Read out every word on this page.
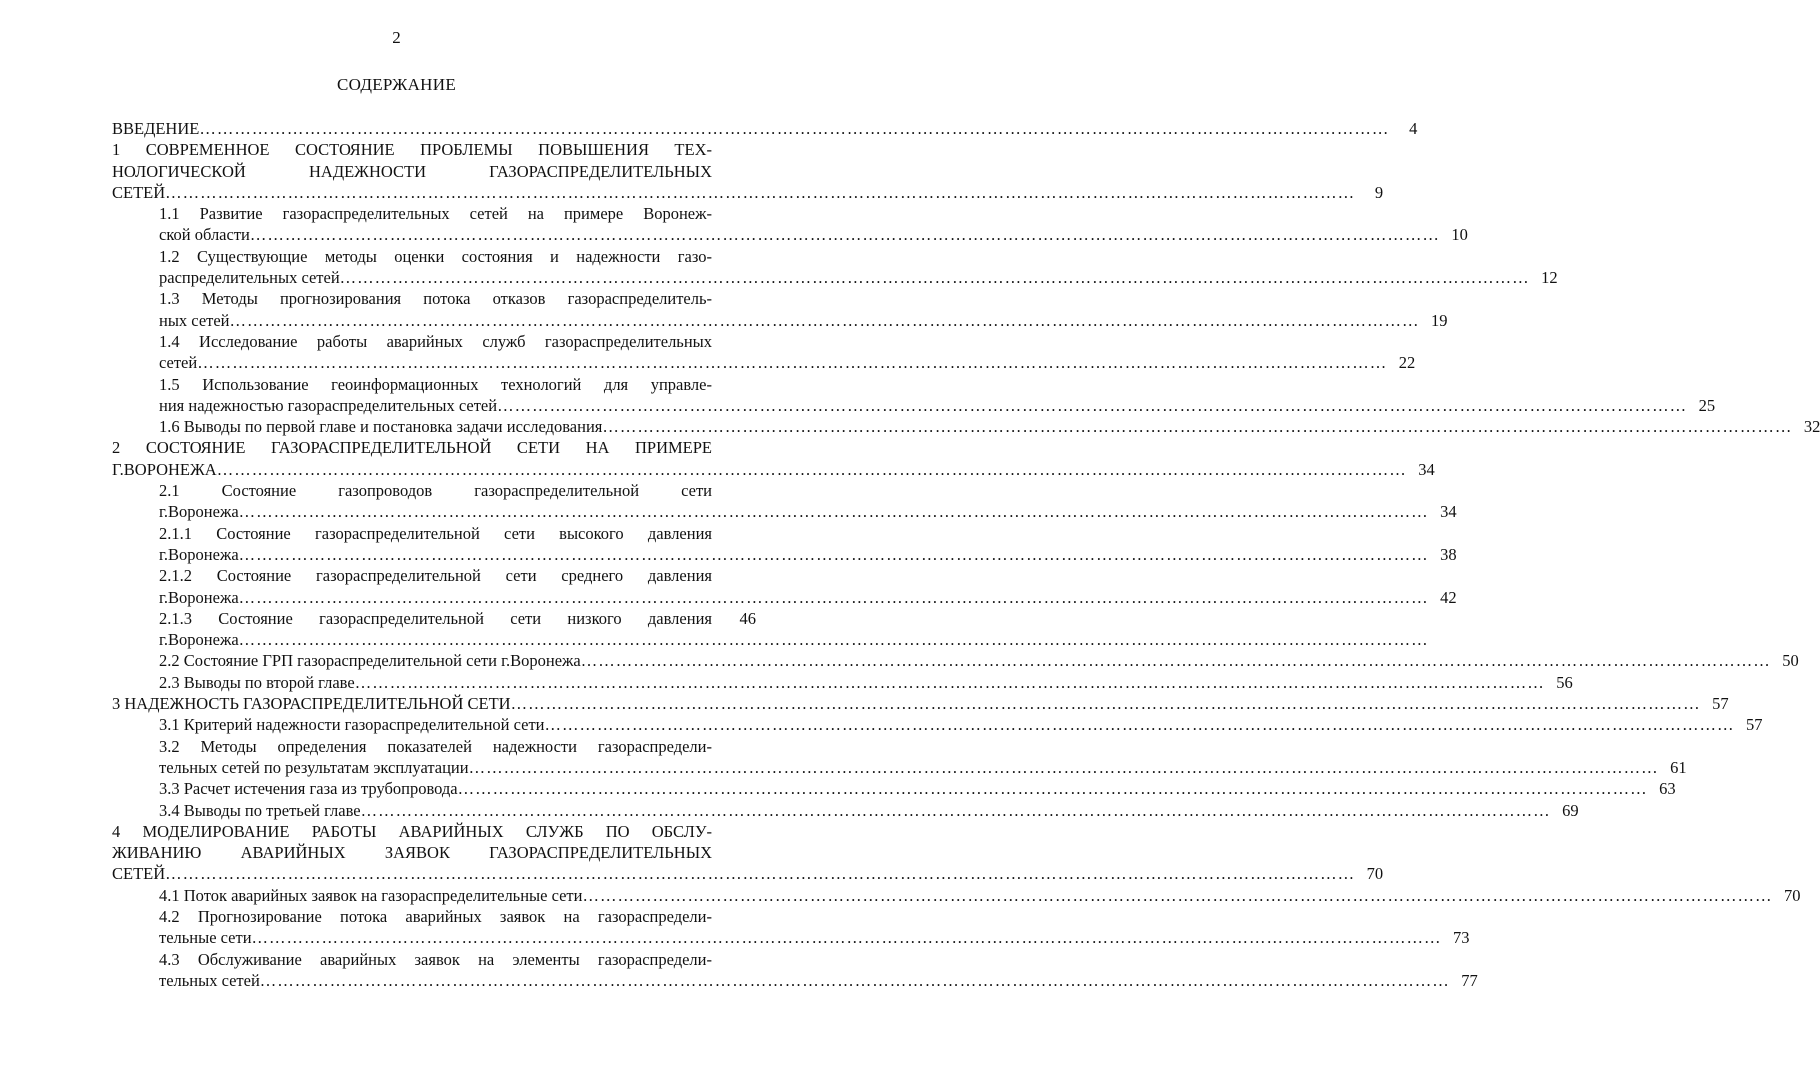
2
СОДЕРЖАНИЕ
ВВЕДЕНИЕ ……………………………………………………………………………………………………………………………………………………………………………………	4
1 СОВРЕМЕННОЕ СОСТОЯНИЕ ПРОБЛЕМЫ ПОВЫШЕНИЯ ТЕХ-
НОЛОГИЧЕСКОЙ НАДЕЖНОСТИ ГАЗОРАСПРЕДЕЛИТЕЛЬНЫХ
СЕТЕЙ ……………………………………………………………………………………………………………………………………………………………………………………	9
1.1 Развитие газораспределительных сетей на примере Воронеж-
ской области …………………………………………………………………………………………………………………………………………………………………………………… 10
1.2 Существующие методы оценки состояния и надежности газо-
распределительных сетей …………………………………………………………………………………………………………………………………………………………………………………… 12
1.3 Методы прогнозирования потока отказов газораспределитель-
ных сетей …………………………………………………………………………………………………………………………………………………………………………………… 19
1.4 Исследование работы аварийных служб газораспределительных
сетей …………………………………………………………………………………………………………………………………………………………………………………… 22
1.5 Использование геоинформационных технологий для управле-
ния надежностью газораспределительных сетей …………………………………………………………………………………………………………………………………………………………………………………… 25
1.6 Выводы по первой главе и постановка задачи исследования …………………………………………………………………………………………………………………………………………………………………………………… 32
2 СОСТОЯНИЕ ГАЗОРАСПРЕДЕЛИТЕЛЬНОЙ СЕТИ НА ПРИМЕРЕ
Г.ВОРОНЕЖА …………………………………………………………………………………………………………………………………………………………………………………… 34
2.1 Состояние газопроводов газораспределительной сети
г.Воронежа …………………………………………………………………………………………………………………………………………………………………………………… 34
2.1.1 Состояние газораспределительной сети высокого давления
г.Воронежа …………………………………………………………………………………………………………………………………………………………………………………… 38
2.1.2 Состояние газораспределительной сети среднего давления
г.Воронежа …………………………………………………………………………………………………………………………………………………………………………………… 42
2.1.3 Состояние газораспределительной сети низкого давления
г.Воронежа ……………………………………………………………………………………………………………………………………………………………………………………
46
2.2 Состояние ГРП газораспределительной сети г.Воронежа …………………………………………………………………………………………………………………………………………………………………………………… 50
2.3 Выводы по второй главе …………………………………………………………………………………………………………………………………………………………………………………… 56
3 НАДЕЖНОСТЬ ГАЗОРАСПРЕДЕЛИТЕЛЬНОЙ СЕТИ …………………………………………………………………………………………………………………………………………………………………………………… 57
3.1 Критерий надежности газораспределительной сети …………………………………………………………………………………………………………………………………………………………………………………… 57
3.2 Методы определения показателей надежности газораспредели-
тельных сетей по результатам эксплуатации …………………………………………………………………………………………………………………………………………………………………………………… 61
3.3 Расчет истечения газа из трубопровода …………………………………………………………………………………………………………………………………………………………………………………… 63
3.4 Выводы по третьей главе …………………………………………………………………………………………………………………………………………………………………………………… 69
4 МОДЕЛИРОВАНИЕ РАБОТЫ АВАРИЙНЫХ СЛУЖБ ПО ОБСЛУ-
ЖИВАНИЮ АВАРИЙНЫХ ЗАЯВОК ГАЗОРАСПРЕДЕЛИТЕЛЬНЫХ
СЕТЕЙ …………………………………………………………………………………………………………………………………………………………………………………… 70
4.1 Поток аварийных заявок на газораспределительные сети …………………………………………………………………………………………………………………………………………………………………………………… 70
4.2 Прогнозирование потока аварийных заявок на газораспредели-
тельные сети …………………………………………………………………………………………………………………………………………………………………………………… 73
4.3 Обслуживание аварийных заявок на элементы газораспредели-
тельных сетей …………………………………………………………………………………………………………………………………………………………………………………… 77
